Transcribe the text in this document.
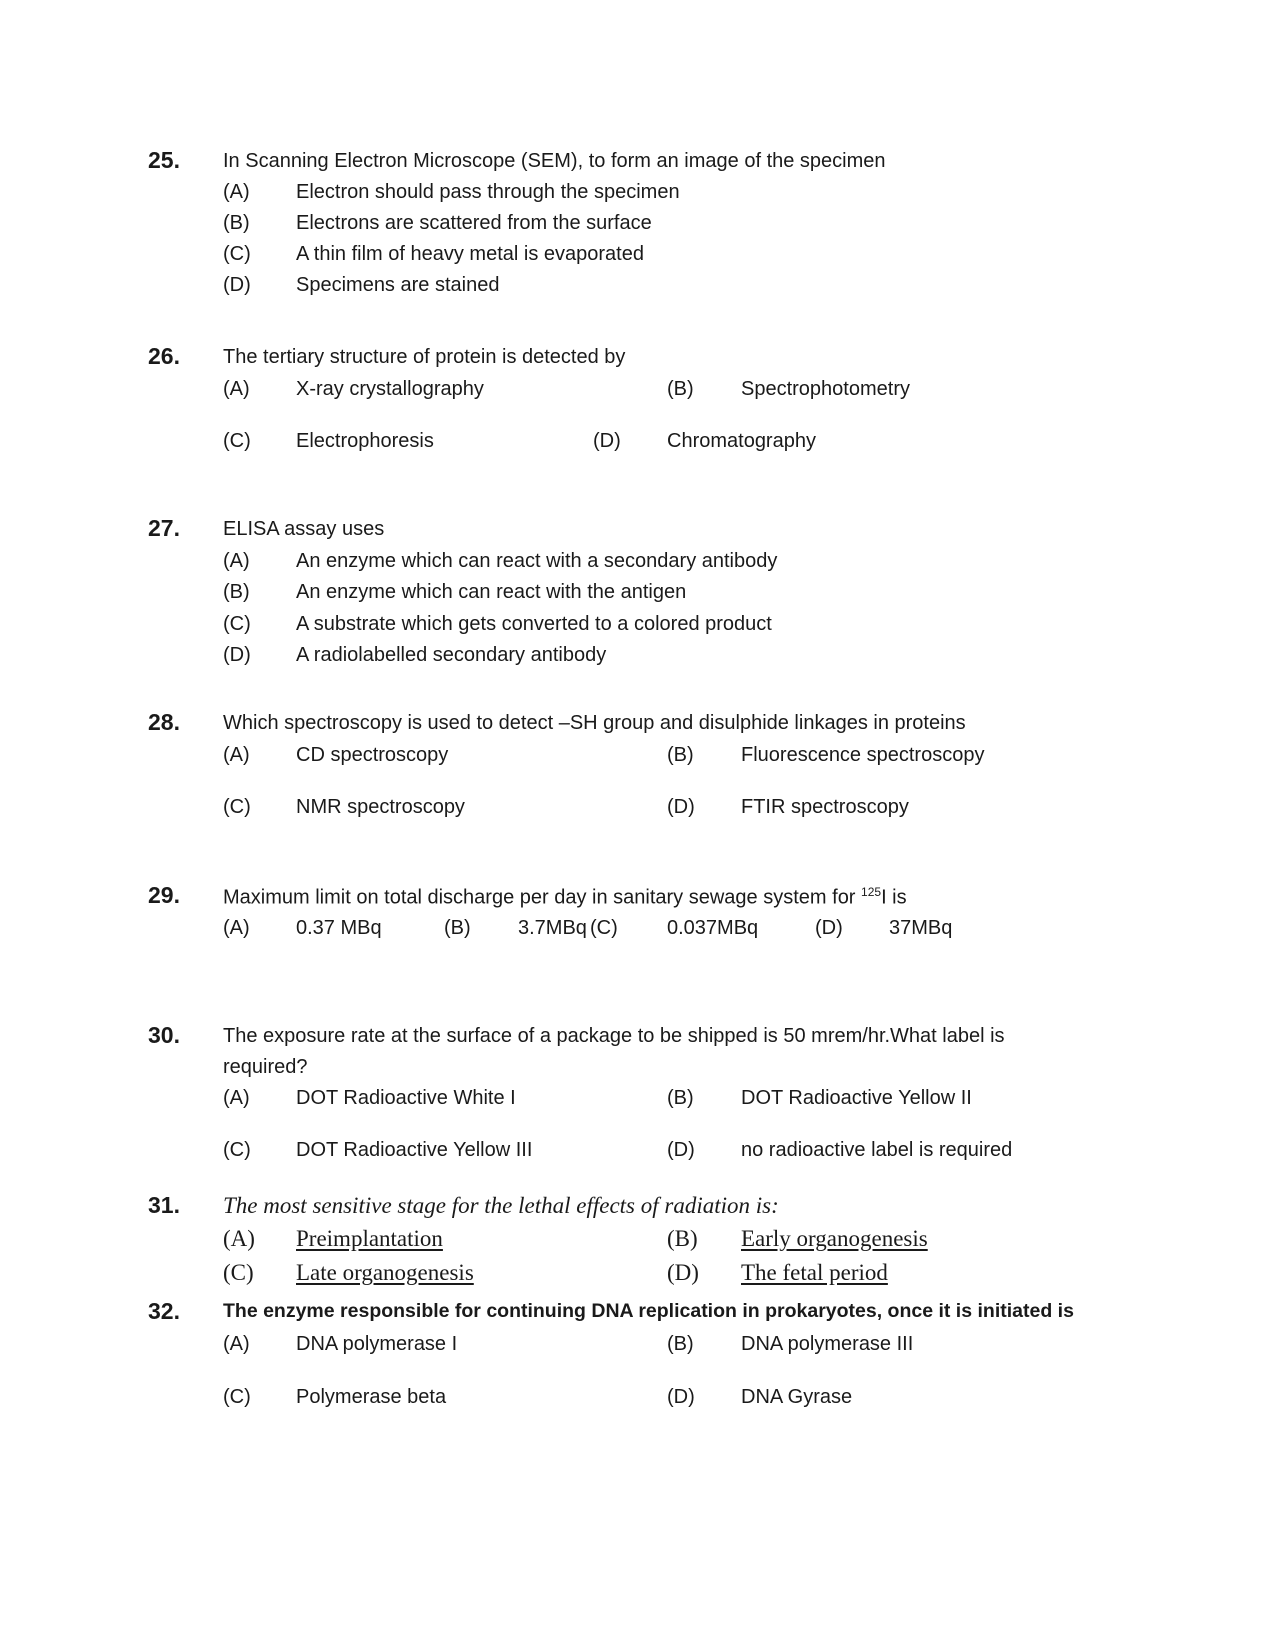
25. In Scanning Electron Microscope (SEM), to form an image of the specimen
(A) Electron should pass through the specimen
(B) Electrons are scattered from the surface
(C) A thin film of heavy metal is evaporated
(D) Specimens are stained
26. The tertiary structure of protein is detected by
(A) X-ray crystallography	(B) Spectrophotometry
(C) Electrophoresis	(D) Chromatography
27. ELISA assay uses
(A) An enzyme which can react with a secondary antibody
(B) An enzyme which can react with the antigen
(C) A substrate which gets converted to a colored product
(D) A radiolabelled secondary antibody
28. Which spectroscopy is used to detect –SH group and disulphide linkages in proteins
(A) CD spectroscopy	(B) Fluorescence spectroscopy
(C) NMR spectroscopy	(D) FTIR spectroscopy
29. Maximum limit on total discharge per day in sanitary sewage system for $^{125}$I is
(A) 0.37 MBq	(B) 3.7MBq (C) 0.037MBq	(D) 37MBq
30. The exposure rate at the surface of a package to be shipped is 50 mrem/hr.What label is
required?
(A) DOT Radioactive White I	(B) DOT Radioactive Yellow II
(C) DOT Radioactive Yellow III	(D) no radioactive label is required
31. The most sensitive stage for the lethal effects of radiation is:
(A) Preimplantation	(B) Early organogenesis
(C) Late organogenesis	(D) The fetal period
32. The enzyme responsible for continuing DNA replication in prokaryotes, once it is initiated is
(A) DNA polymerase I	(B) DNA polymerase III
(C) Polymerase beta	(D) DNA Gyrase
